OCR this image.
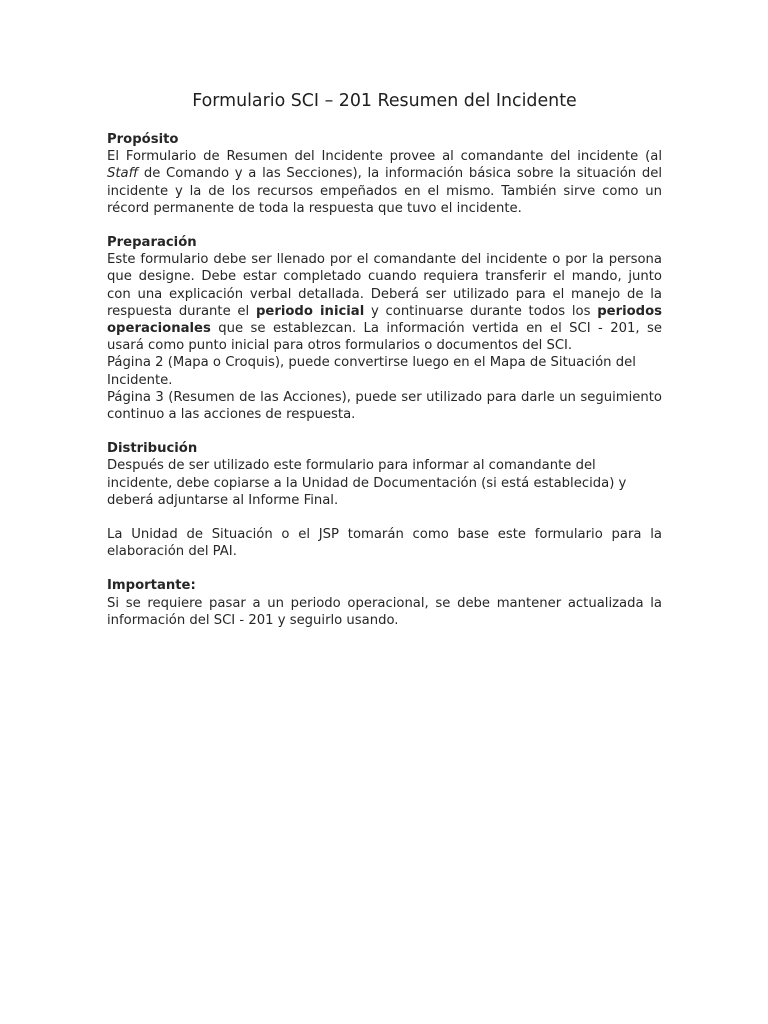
Formulario SCI – 201 Resumen del Incidente

Propósito

El Formulario de Resumen del Incidente provee al comandante del incidente (al Staff de Comando y a las Secciones), la información básica sobre la situación del incidente y la de los recursos empeñados en el mismo. También sirve como un récord permanente de toda la respuesta que tuvo el incidente.

Preparación

Este formulario debe ser llenado por el comandante del incidente o por la persona que designe. Debe estar completado cuando requiera transferir el mando, junto con una explicación verbal detallada. Deberá ser utilizado para el manejo de la respuesta durante el periodo inicial y continuarse durante todos los periodos operacionales que se establezcan. La información vertida en el SCI - 201, se usará como punto inicial para otros formularios o documentos del SCI.

Página 2 (Mapa o Croquis), puede convertirse luego en el Mapa de Situación del Incidente.

Página 3 (Resumen de las Acciones), puede ser utilizado para darle un seguimiento continuo a las acciones de respuesta.

Distribución

Después de ser utilizado este formulario para informar al comandante del incidente, debe copiarse a la Unidad de Documentación (si está establecida) y deberá adjuntarse al Informe Final.

La Unidad de Situación o el JSP tomarán como base este formulario para la elaboración del PAI.

Importante:

Si se requiere pasar a un periodo operacional, se debe mantener actualizada la información del SCI - 201 y seguirlo usando.
